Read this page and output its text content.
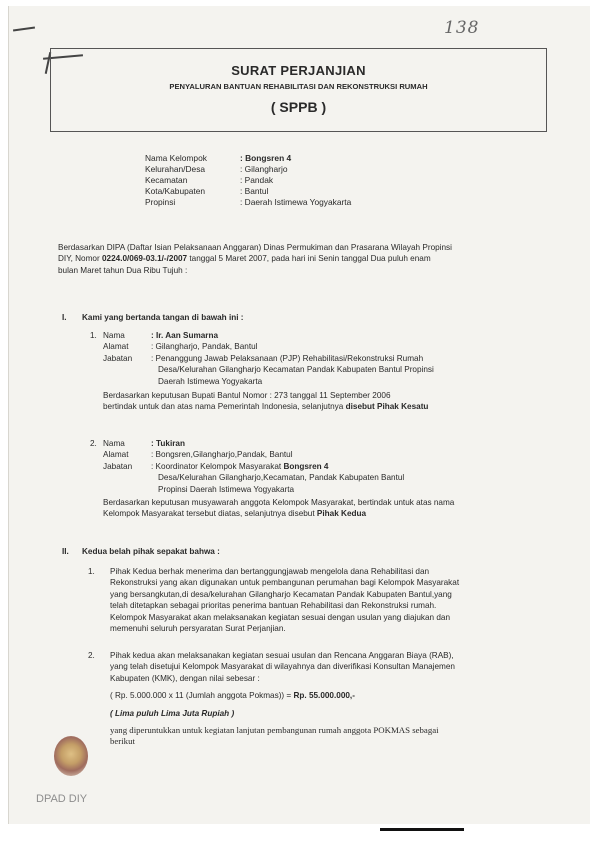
138
SURAT PERJANJIAN
PENYALURAN BANTUAN REHABILITASI DAN REKONSTRUKSI RUMAH
( SPPB )
Nama Kelompok	: Bongsren 4
Kelurahan/Desa	: Gilangharjo
Kecamatan	: Pandak
Kota/Kabupaten	: Bantul
Propinsi	: Daerah Istimewa Yogyakarta
Berdasarkan DIPA (Daftar Isian Pelaksanaan Anggaran) Dinas Permukiman dan Prasarana Wilayah Propinsi
DIY, Nomor 0224.0/069-03.1/-/2007 tanggal 5 Maret 2007, pada hari ini Senin tanggal Dua puluh enam
bulan Maret tahun Dua Ribu Tujuh :
I. Kami yang bertanda tangan di bawah ini :
1. Nama	: Ir. Aan Sumarna
Alamat	: Gilangharjo, Pandak, Bantul
Jabatan : Penanggung Jawab Pelaksanaan (PJP) Rehabilitasi/Rekonstruksi Rumah
Desa/Kelurahan Gilangharjo Kecamatan Pandak Kabupaten Bantul Propinsi
Daerah Istimewa Yogyakarta
Berdasarkan keputusan Bupati Bantul Nomor : 273 tanggal 11 September 2006
bertindak untuk dan atas nama Pemerintah Indonesia, selanjutnya disebut Pihak Kesatu
2. Nama	: Tukiran
Alamat	: Bongsren,Gilangharjo,Pandak, Bantul
Jabatan : Koordinator Kelompok Masyarakat Bongsren 4
Desa/Kelurahan Gilangharjo,Kecamatan, Pandak Kabupaten Bantul
Propinsi Daerah Istimewa Yogyakarta
Berdasarkan keputusan musyawarah anggota Kelompok Masyarakat, bertindak untuk atas nama
Kelompok Masyarakat tersebut diatas, selanjutnya disebut Pihak Kedua
II. Kedua belah pihak sepakat bahwa :
1. Pihak Kedua berhak menerima dan bertanggungjawab mengelola dana Rehabilitasi dan
Rekonstruksi yang akan digunakan untuk pembangunan perumahan bagi Kelompok Masyarakat
yang bersangkutan,di desa/kelurahan Gilangharjo Kecamatan Pandak Kabupaten Bantul,yang
telah ditetapkan sebagai prioritas penerima bantuan Rehabilitasi dan Rekonstruksi rumah.
Kelompok Masyarakat akan melaksanakan kegiatan sesuai dengan usulan yang diajukan dan
memenuhi seluruh persyaratan Surat Perjanjian.
2. Pihak kedua akan melaksanakan kegiatan sesuai usulan dan Rencana Anggaran Biaya (RAB),
yang telah disetujui Kelompok Masyarakat di wilayahnya dan diverifikasi Konsultan Manajemen
Kabupaten (KMK), dengan nilai sebesar :
( Rp. 5.000.000 x 11 (Jumlah anggota Pokmas)) = Rp. 55.000.000,-
( Lima puluh Lima Juta Rupiah )
yang diperuntukkan untuk kegiatan lanjutan pembangunan rumah anggota POKMAS sebagai
berikut
DPAD DIY
